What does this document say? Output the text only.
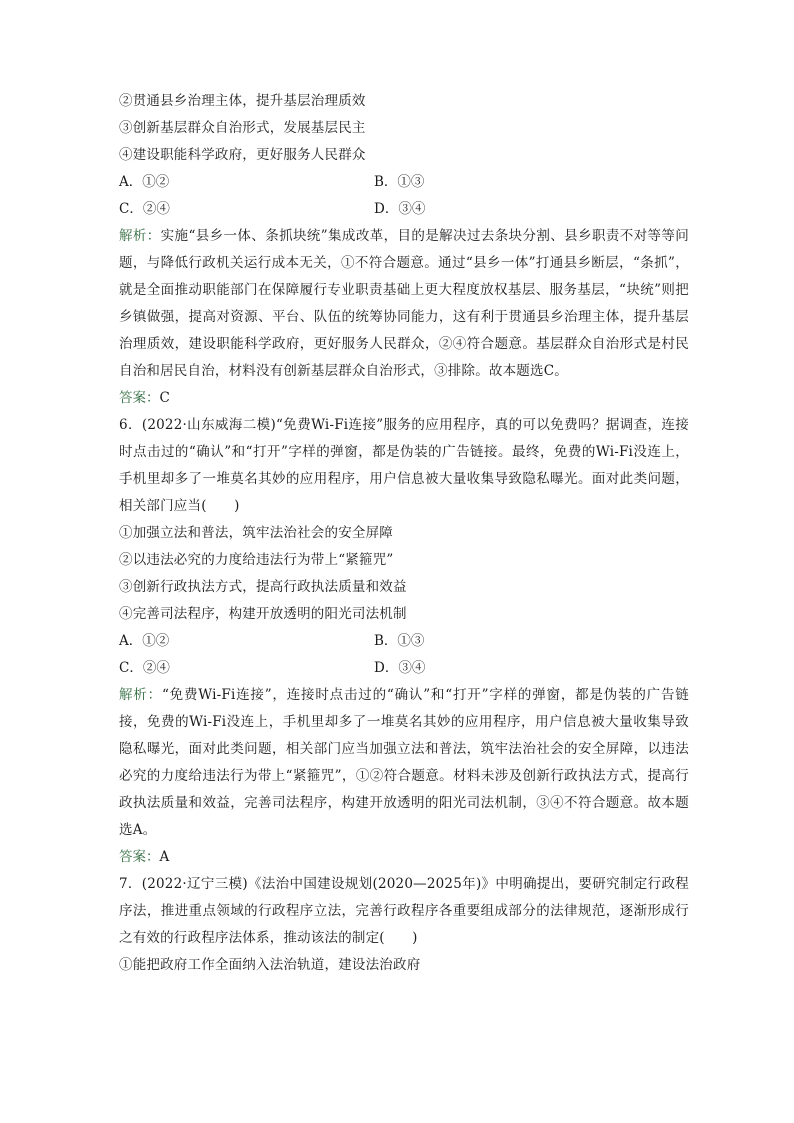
②贯通县乡治理主体，提升基层治理质效
③创新基层群众自治形式，发展基层民主
④建设职能科学政府，更好服务人民群众
A．①②	B．①③
C．②④	D．③④
解析：实施“县乡一体、条抓块统”集成改革，目的是解决过去条块分割、县乡职责不对等等问题，与降低行政机关运行成本无关，①不符合题意。通过“县乡一体”打通县乡断层，“条抓”，就是全面推动职能部门在保障履行专业职责基础上更大程度放权基层、服务基层，“块统”则把乡镇做强，提高对资源、平台、队伍的统筹协同能力，这有利于贯通县乡治理主体，提升基层治理质效，建设职能科学政府，更好服务人民群众，②④符合题意。基层群众自治形式是村民自治和居民自治，材料没有创新基层群众自治形式，③排除。故本题选C。
答案：C
6．(2022·山东威海二模)“免费Wi-Fi连接”服务的应用程序，真的可以免费吗？据调查，连接时点击过的“确认”和“打开”字样的弹窗，都是伪装的广告链接。最终，免费的Wi-Fi没连上，手机里却多了一堆莫名其妙的应用程序，用户信息被大量收集导致隐私曝光。面对此类问题，相关部门应当(　　)
①加强立法和普法，筑牢法治社会的安全屏障
②以违法必究的力度给违法行为带上“紧箍咒”
③创新行政执法方式，提高行政执法质量和效益
④完善司法程序，构建开放透明的阳光司法机制
A．①②	B．①③
C．②④	D．③④
解析：“免费Wi-Fi连接”，连接时点击过的“确认”和“打开”字样的弹窗，都是伪装的广告链接，免费的Wi-Fi没连上，手机里却多了一堆莫名其妙的应用程序，用户信息被大量收集导致隐私曝光，面对此类问题，相关部门应当加强立法和普法，筑牢法治社会的安全屏障，以违法必究的力度给违法行为带上“紧箍咒”，①②符合题意。材料未涉及创新行政执法方式，提高行政执法质量和效益，完善司法程序，构建开放透明的阳光司法机制，③④不符合题意。故本题选A。
答案：A
7．(2022·辽宁三模)《法治中国建设规划(2020—2025年)》中明确提出，要研究制定行政程序法，推进重点领域的行政程序立法，完善行政程序各重要组成部分的法律规范，逐渐形成行之有效的行政程序法体系，推动该法的制定(　　)
①能把政府工作全面纳入法治轨道，建设法治政府
